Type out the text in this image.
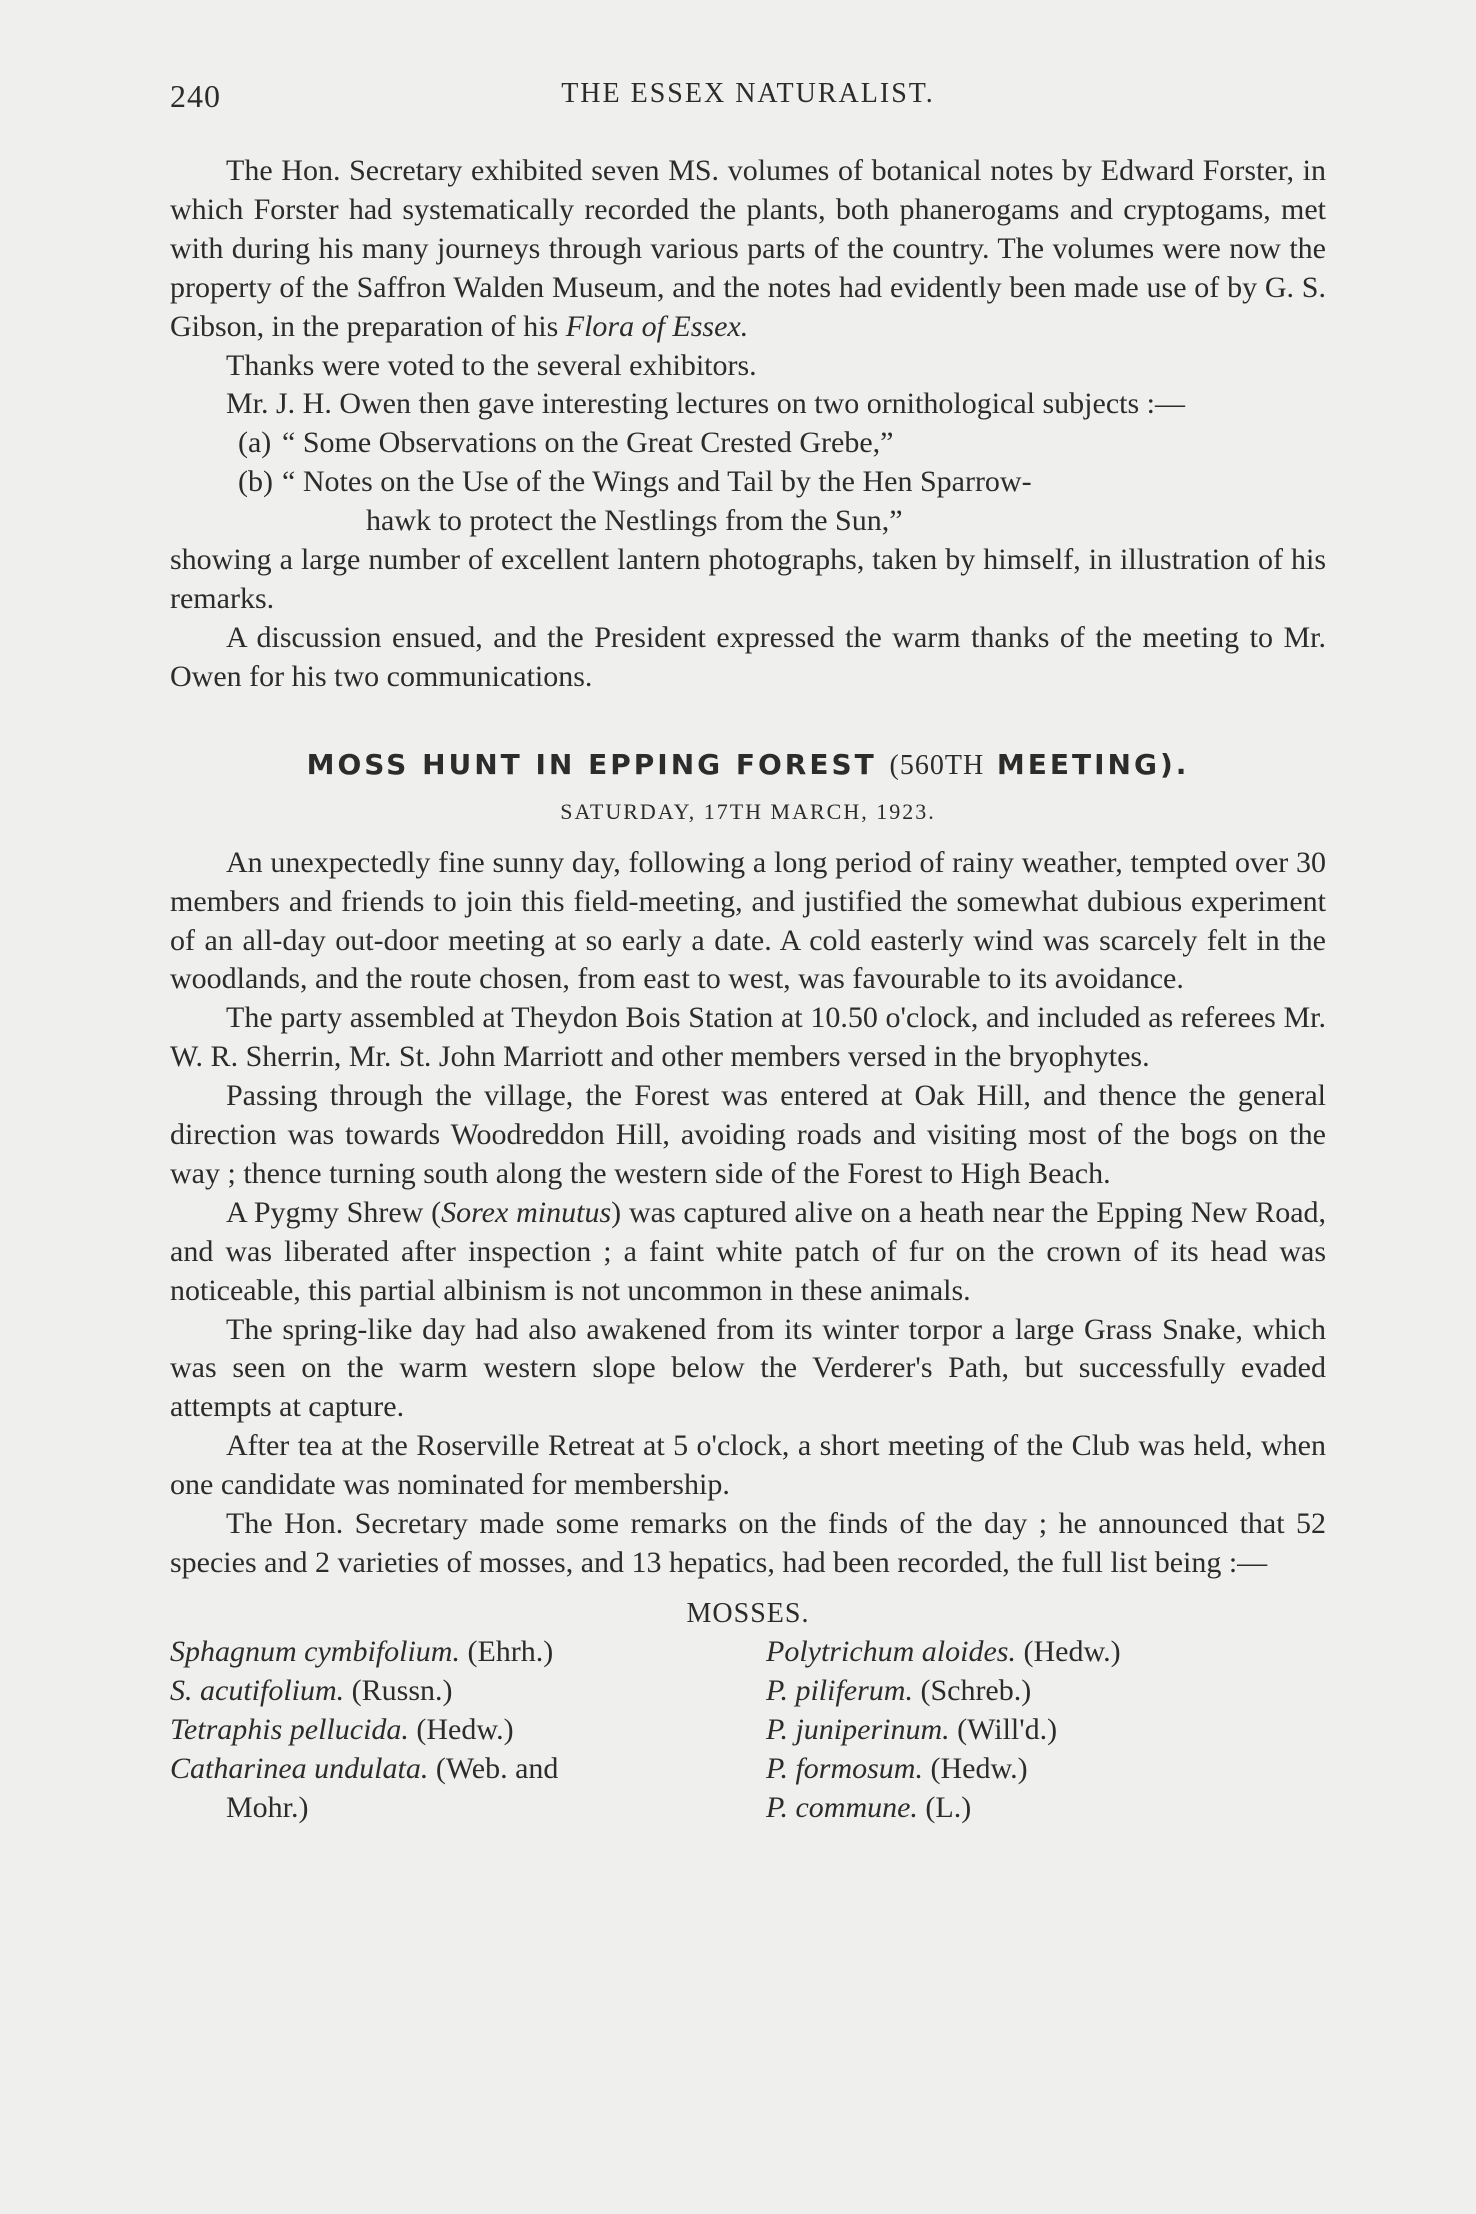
240	THE ESSEX NATURALIST.

The Hon. Secretary exhibited seven MS. volumes of botanical notes by Edward Forster, in which Forster had systematically recorded the plants, both phanerogams and cryptogams, met with during his many journeys through various parts of the country. The volumes were now the property of the Saffron Walden Museum, and the notes had evidently been made use of by G. S. Gibson, in the preparation of his Flora of Essex.

Thanks were voted to the several exhibitors.

Mr. J. H. Owen then gave interesting lectures on two ornithological subjects :—

(a) “ Some Observations on the Great Crested Grebe,”

(b) “ Notes on the Use of the Wings and Tail by the Hen Sparrow-

hawk to protect the Nestlings from the Sun,”

showing a large number of excellent lantern photographs, taken by himself, in illustration of his remarks.

A discussion ensued, and the President expressed the warm thanks of the meeting to Mr. Owen for his two communications.

MOSS HUNT IN EPPING FOREST (560TH MEETING).
SATURDAY, 17TH MARCH, 1923.

An unexpectedly fine sunny day, following a long period of rainy weather, tempted over 30 members and friends to join this field-meeting, and justified the somewhat dubious experiment of an all-day out-door meeting at so early a date. A cold easterly wind was scarcely felt in the woodlands, and the route chosen, from east to west, was favourable to its avoidance.

The party assembled at Theydon Bois Station at 10.50 o'clock, and included as referees Mr. W. R. Sherrin, Mr. St. John Marriott and other members versed in the bryophytes.

Passing through the village, the Forest was entered at Oak Hill, and thence the general direction was towards Woodreddon Hill, avoiding roads and visiting most of the bogs on the way ; thence turning south along the western side of the Forest to High Beach.

A Pygmy Shrew (Sorex minutus) was captured alive on a heath near the Epping New Road, and was liberated after inspection ; a faint white patch of fur on the crown of its head was noticeable, this partial albinism is not uncommon in these animals.

The spring-like day had also awakened from its winter torpor a large Grass Snake, which was seen on the warm western slope below the Verderer's Path, but successfully evaded attempts at capture.

After tea at the Roserville Retreat at 5 o'clock, a short meeting of the Club was held, when one candidate was nominated for membership.

The Hon. Secretary made some remarks on the finds of the day ; he announced that 52 species and 2 varieties of mosses, and 13 hepatics, had been recorded, the full list being :—

MOSSES.

Sphagnum cymbifolium. (Ehrh.)

S. acutifolium. (Russn.)

Tetraphis pellucida. (Hedw.)

Catharinea undulata. (Web. and

Mohr.)

Polytrichum aloides. (Hedw.)

P. piliferum. (Schreb.)

P. juniperinum. (Will'd.)

P. formosum. (Hedw.)

P. commune. (L.)
